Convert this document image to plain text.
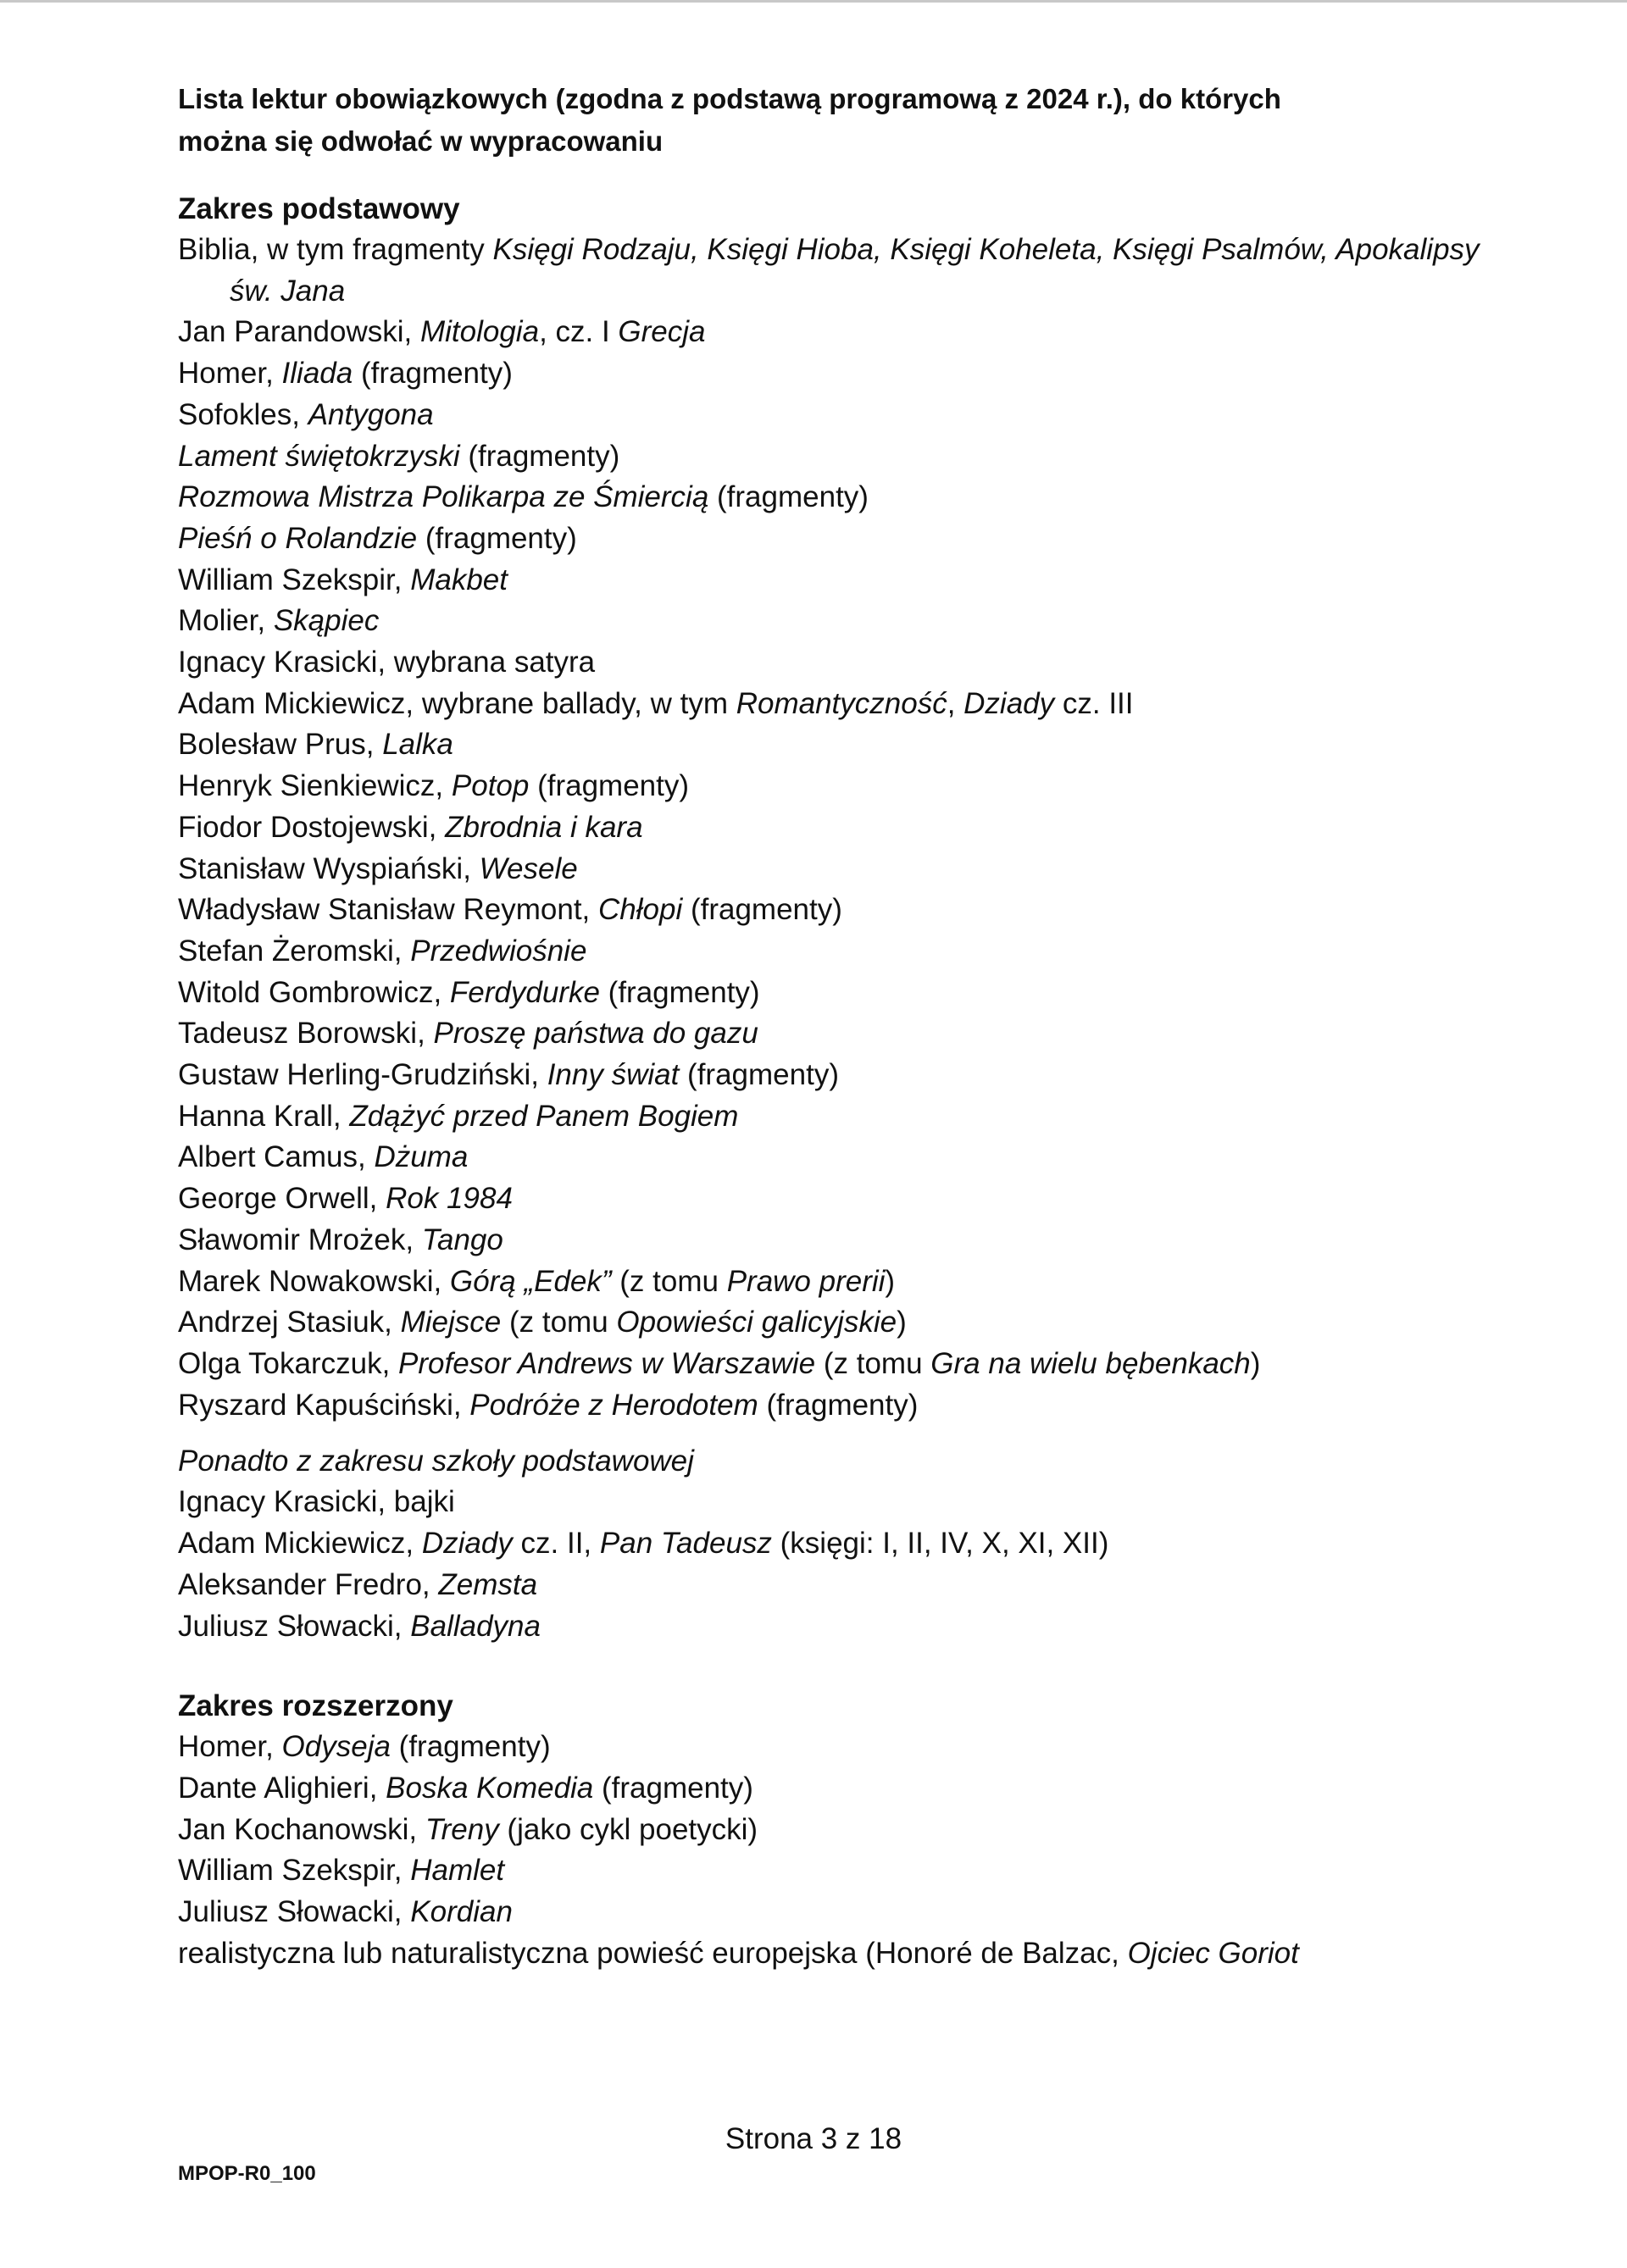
Lista lektur obowiązkowych (zgodna z podstawą programową z 2024 r.), do których

można się odwołać w wypracowaniu

Zakres podstawowy

Biblia, w tym fragmenty Księgi Rodzaju, Księgi Hioba, Księgi Koheleta, Księgi Psalmów, Apokalipsy św. Jana

Jan Parandowski, Mitologia, cz. I Grecja

Homer, Iliada (fragmenty)

Sofokles, Antygona

Lament świętokrzyski (fragmenty)

Rozmowa Mistrza Polikarpa ze Śmiercią (fragmenty)

Pieśń o Rolandzie (fragmenty)

William Szekspir, Makbet

Molier, Skąpiec

Ignacy Krasicki, wybrana satyra

Adam Mickiewicz, wybrane ballady, w tym Romantyczność, Dziady cz. III

Bolesław Prus, Lalka

Henryk Sienkiewicz, Potop (fragmenty)

Fiodor Dostojewski, Zbrodnia i kara

Stanisław Wyspiański, Wesele

Władysław Stanisław Reymont, Chłopi (fragmenty)

Stefan Żeromski, Przedwiośnie

Witold Gombrowicz, Ferdydurke (fragmenty)

Tadeusz Borowski, Proszę państwa do gazu

Gustaw Herling-Grudziński, Inny świat (fragmenty)

Hanna Krall, Zdążyć przed Panem Bogiem

Albert Camus, Dżuma

George Orwell, Rok 1984

Sławomir Mrożek, Tango

Marek Nowakowski, Górą „Edek” (z tomu Prawo prerii)

Andrzej Stasiuk, Miejsce (z tomu Opowieści galicyjskie)

Olga Tokarczuk, Profesor Andrews w Warszawie (z tomu Gra na wielu bębenkach)

Ryszard Kapuściński, Podróże z Herodotem (fragmenty)

Ponadto z zakresu szkoły podstawowej

Ignacy Krasicki, bajki

Adam Mickiewicz, Dziady cz. II, Pan Tadeusz (księgi: I, II, IV, X, XI, XII)

Aleksander Fredro, Zemsta

Juliusz Słowacki, Balladyna

Zakres rozszerzony

Homer, Odyseja (fragmenty)

Dante Alighieri, Boska Komedia (fragmenty)

Jan Kochanowski, Treny (jako cykl poetycki)

William Szekspir, Hamlet

Juliusz Słowacki, Kordian

realistyczna lub naturalistyczna powieść europejska (Honoré de Balzac, Ojciec Goriot

Strona 3 z 18
MPOP-R0_100
